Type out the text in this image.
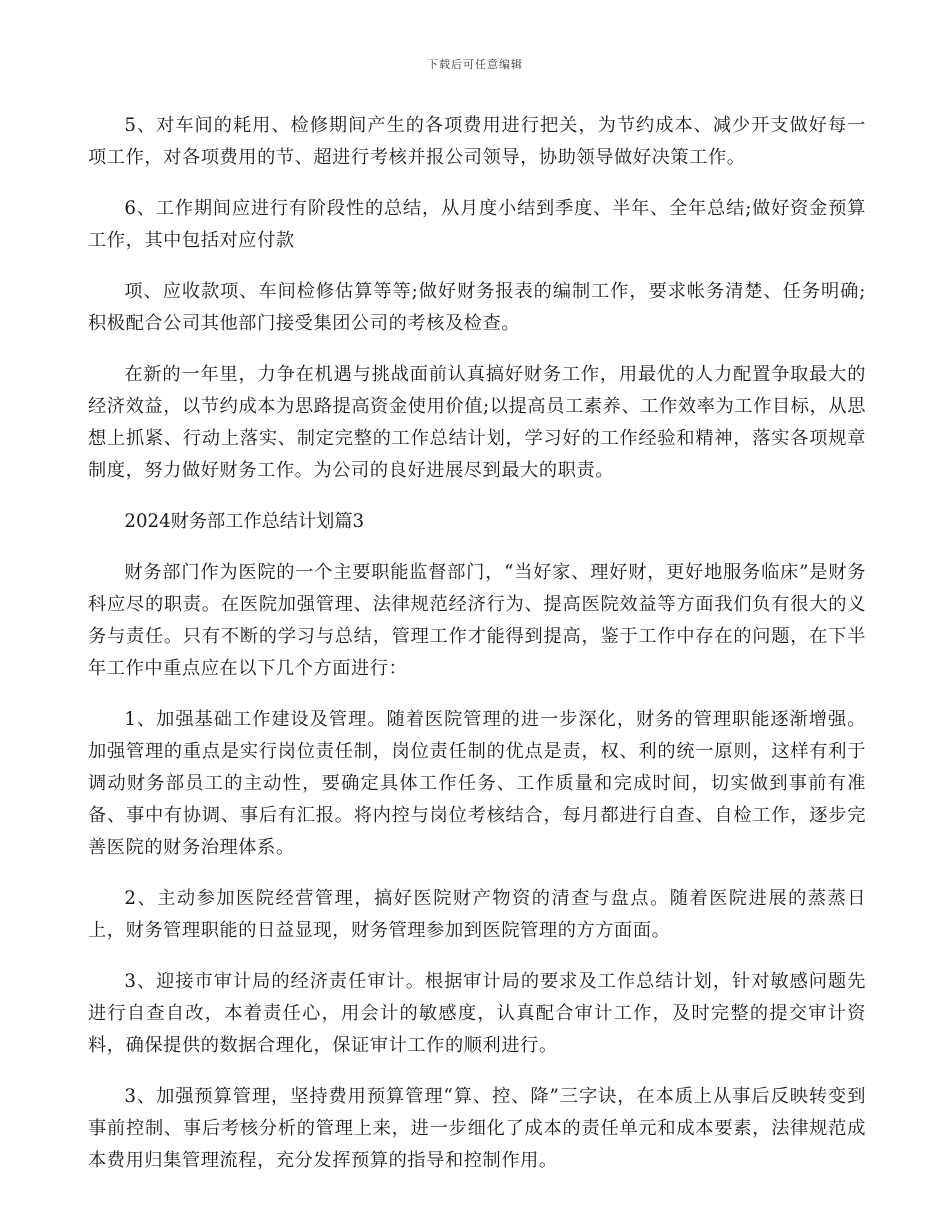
下载后可任意编辑

5、对车间的耗用、检修期间产生的各项费用进行把关，为节约成本、减少开支做好每一项工作，对各项费用的节、超进行考核并报公司领导，协助领导做好决策工作。

6、工作期间应进行有阶段性的总结，从月度小结到季度、半年、全年总结;做好资金预算工作，其中包括对应付款

项、应收款项、车间检修估算等等;做好财务报表的编制工作，要求帐务清楚、任务明确;积极配合公司其他部门接受集团公司的考核及检查。

在新的一年里，力争在机遇与挑战面前认真搞好财务工作，用最优的人力配置争取最大的经济效益，以节约成本为思路提高资金使用价值;以提高员工素养、工作效率为工作目标，从思想上抓紧、行动上落实、制定完整的工作总结计划，学习好的工作经验和精神，落实各项规章制度，努力做好财务工作。为公司的良好进展尽到最大的职责。

2024财务部工作总结计划篇3

财务部门作为医院的一个主要职能监督部门，“当好家、理好财，更好地服务临床”是财务科应尽的职责。在医院加强管理、法律规范经济行为、提高医院效益等方面我们负有很大的义务与责任。只有不断的学习与总结，管理工作才能得到提高，鉴于工作中存在的问题，在下半年工作中重点应在以下几个方面进行：

1、加强基础工作建设及管理。随着医院管理的进一步深化，财务的管理职能逐渐增强。加强管理的重点是实行岗位责任制，岗位责任制的优点是责，权、利的统一原则，这样有利于调动财务部员工的主动性，要确定具体工作任务、工作质量和完成时间，切实做到事前有准备、事中有协调、事后有汇报。将内控与岗位考核结合，每月都进行自查、自检工作，逐步完善医院的财务治理体系。

2、主动参加医院经营管理，搞好医院财产物资的清查与盘点。随着医院进展的蒸蒸日上，财务管理职能的日益显现，财务管理参加到医院管理的方方面面。

3、迎接市审计局的经济责任审计。根据审计局的要求及工作总结计划，针对敏感问题先进行自查自改，本着责任心，用会计的敏感度，认真配合审计工作，及时完整的提交审计资料，确保提供的数据合理化，保证审计工作的顺利进行。

3、加强预算管理，坚持费用预算管理“算、控、降”三字诀，在本质上从事后反映转变到事前控制、事后考核分析的管理上来，进一步细化了成本的责任单元和成本要素，法律规范成本费用归集管理流程，充分发挥预算的指导和控制作用。
